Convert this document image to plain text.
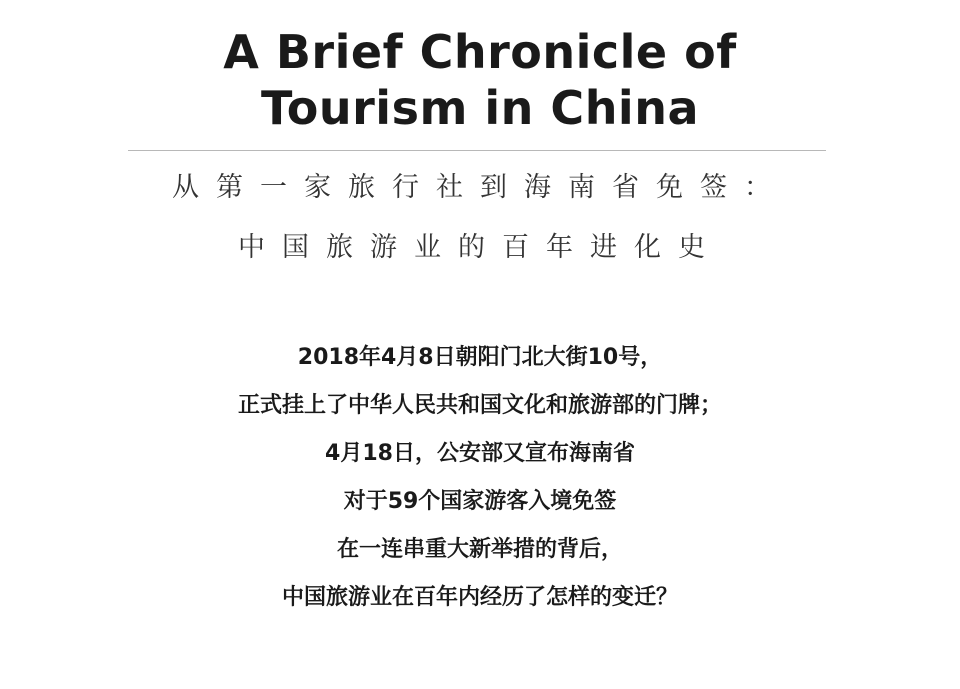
A Brief Chronicle of
Tourism in China

从第一家旅行社到海南省免签：

中国旅游业的百年进化史

2018年4月8日朝阳门北大街10号，
正式挂上了中华人民共和国文化和旅游部的门牌；
4月18日，公安部又宣布海南省
对于59个国家游客入境免签
在一连串重大新举措的背后，
中国旅游业在百年内经历了怎样的变迁？
